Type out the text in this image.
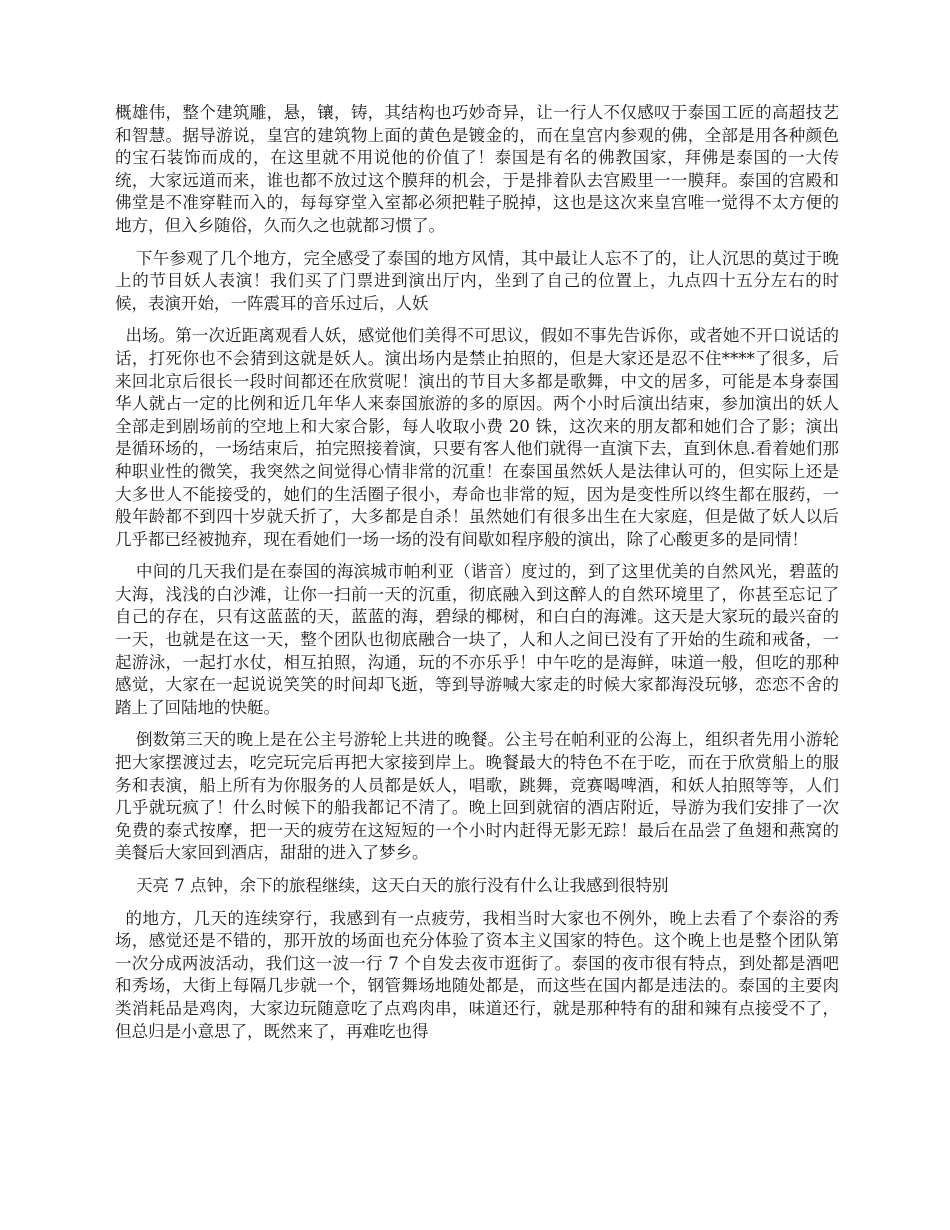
概雄伟，整个建筑雕，悬，镶，铸，其结构也巧妙奇异，让一行人不仅感叹于泰国工匠的高超技艺和智慧。据导游说，皇宫的建筑物上面的黄色是镀金的，而在皇宫内参观的佛，全部是用各种颜色的宝石装饰而成的，在这里就不用说他的价值了！泰国是有名的佛教国家，拜佛是泰国的一大传统，大家远道而来，谁也都不放过这个膜拜的机会，于是排着队去宫殿里一一膜拜。泰国的宫殿和佛堂是不准穿鞋而入的，每每穿堂入室都必须把鞋子脱掉，这也是这次来皇宫唯一觉得不太方便的地方，但入乡随俗，久而久之也就都习惯了。

下午参观了几个地方，完全感受了泰国的地方风情，其中最让人忘不了的，让人沉思的莫过于晚上的节目妖人表演！我们买了门票进到演出厅内，坐到了自己的位置上，九点四十五分左右的时候，表演开始，一阵震耳的音乐过后，人妖

出场。第一次近距离观看人妖，感觉他们美得不可思议，假如不事先告诉你，或者她不开口说话的话，打死你也不会猜到这就是妖人。演出场内是禁止拍照的，但是大家还是忍不住****了很多，后来回北京后很长一段时间都还在欣赏呢！演出的节目大多都是歌舞，中文的居多，可能是本身泰国华人就占一定的比例和近几年华人来泰国旅游的多的原因。两个小时后演出结束，参加演出的妖人全部走到剧场前的空地上和大家合影，每人收取小费 20 铢，这次来的朋友都和她们合了影；演出是循环场的，一场结束后，拍完照接着演，只要有客人他们就得一直演下去，直到休息.看着她们那种职业性的微笑，我突然之间觉得心情非常的沉重！在泰国虽然妖人是法律认可的，但实际上还是大多世人不能接受的，她们的生活圈子很小，寿命也非常的短，因为是变性所以终生都在服药，一般年龄都不到四十岁就夭折了，大多都是自杀！虽然她们有很多出生在大家庭，但是做了妖人以后几乎都已经被抛弃，现在看她们一场一场的没有间歇如程序般的演出，除了心酸更多的是同情！

中间的几天我们是在泰国的海滨城市帕利亚（谐音）度过的，到了这里优美的自然风光，碧蓝的大海，浅浅的白沙滩，让你一扫前一天的沉重，彻底融入到这醉人的自然环境里了，你甚至忘记了自己的存在，只有这蓝蓝的天，蓝蓝的海，碧绿的椰树，和白白的海滩。这天是大家玩的最兴奋的一天，也就是在这一天，整个团队也彻底融合一块了，人和人之间已没有了开始的生疏和戒备，一起游泳，一起打水仗，相互拍照，沟通，玩的不亦乐乎！中午吃的是海鲜，味道一般，但吃的那种感觉，大家在一起说说笑笑的时间却飞逝，等到导游喊大家走的时候大家都海没玩够，恋恋不舍的踏上了回陆地的快艇。

倒数第三天的晚上是在公主号游轮上共进的晚餐。公主号在帕利亚的公海上，组织者先用小游轮把大家摆渡过去，吃完玩完后再把大家接到岸上。晚餐最大的特色不在于吃，而在于欣赏船上的服务和表演，船上所有为你服务的人员都是妖人，唱歌，跳舞，竞赛喝啤酒，和妖人拍照等等，人们几乎就玩疯了！什么时候下的船我都记不清了。晚上回到就宿的酒店附近，导游为我们安排了一次免费的泰式按摩，把一天的疲劳在这短短的一个小时内赶得无影无踪！最后在品尝了鱼翅和燕窝的美餐后大家回到酒店，甜甜的进入了梦乡。

天亮 7 点钟，余下的旅程继续，这天白天的旅行没有什么让我感到很特别

的地方，几天的连续穿行，我感到有一点疲劳，我相当时大家也不例外，晚上去看了个泰浴的秀场，感觉还是不错的，那开放的场面也充分体验了资本主义国家的特色。这个晚上也是整个团队第一次分成两波活动，我们这一波一行 7 个自发去夜市逛街了。泰国的夜市很有特点，到处都是酒吧和秀场，大街上每隔几步就一个，钢管舞场地随处都是，而这些在国内都是违法的。泰国的主要肉类消耗品是鸡肉，大家边玩随意吃了点鸡肉串，味道还行，就是那种特有的甜和辣有点接受不了，但总归是小意思了，既然来了，再难吃也得
